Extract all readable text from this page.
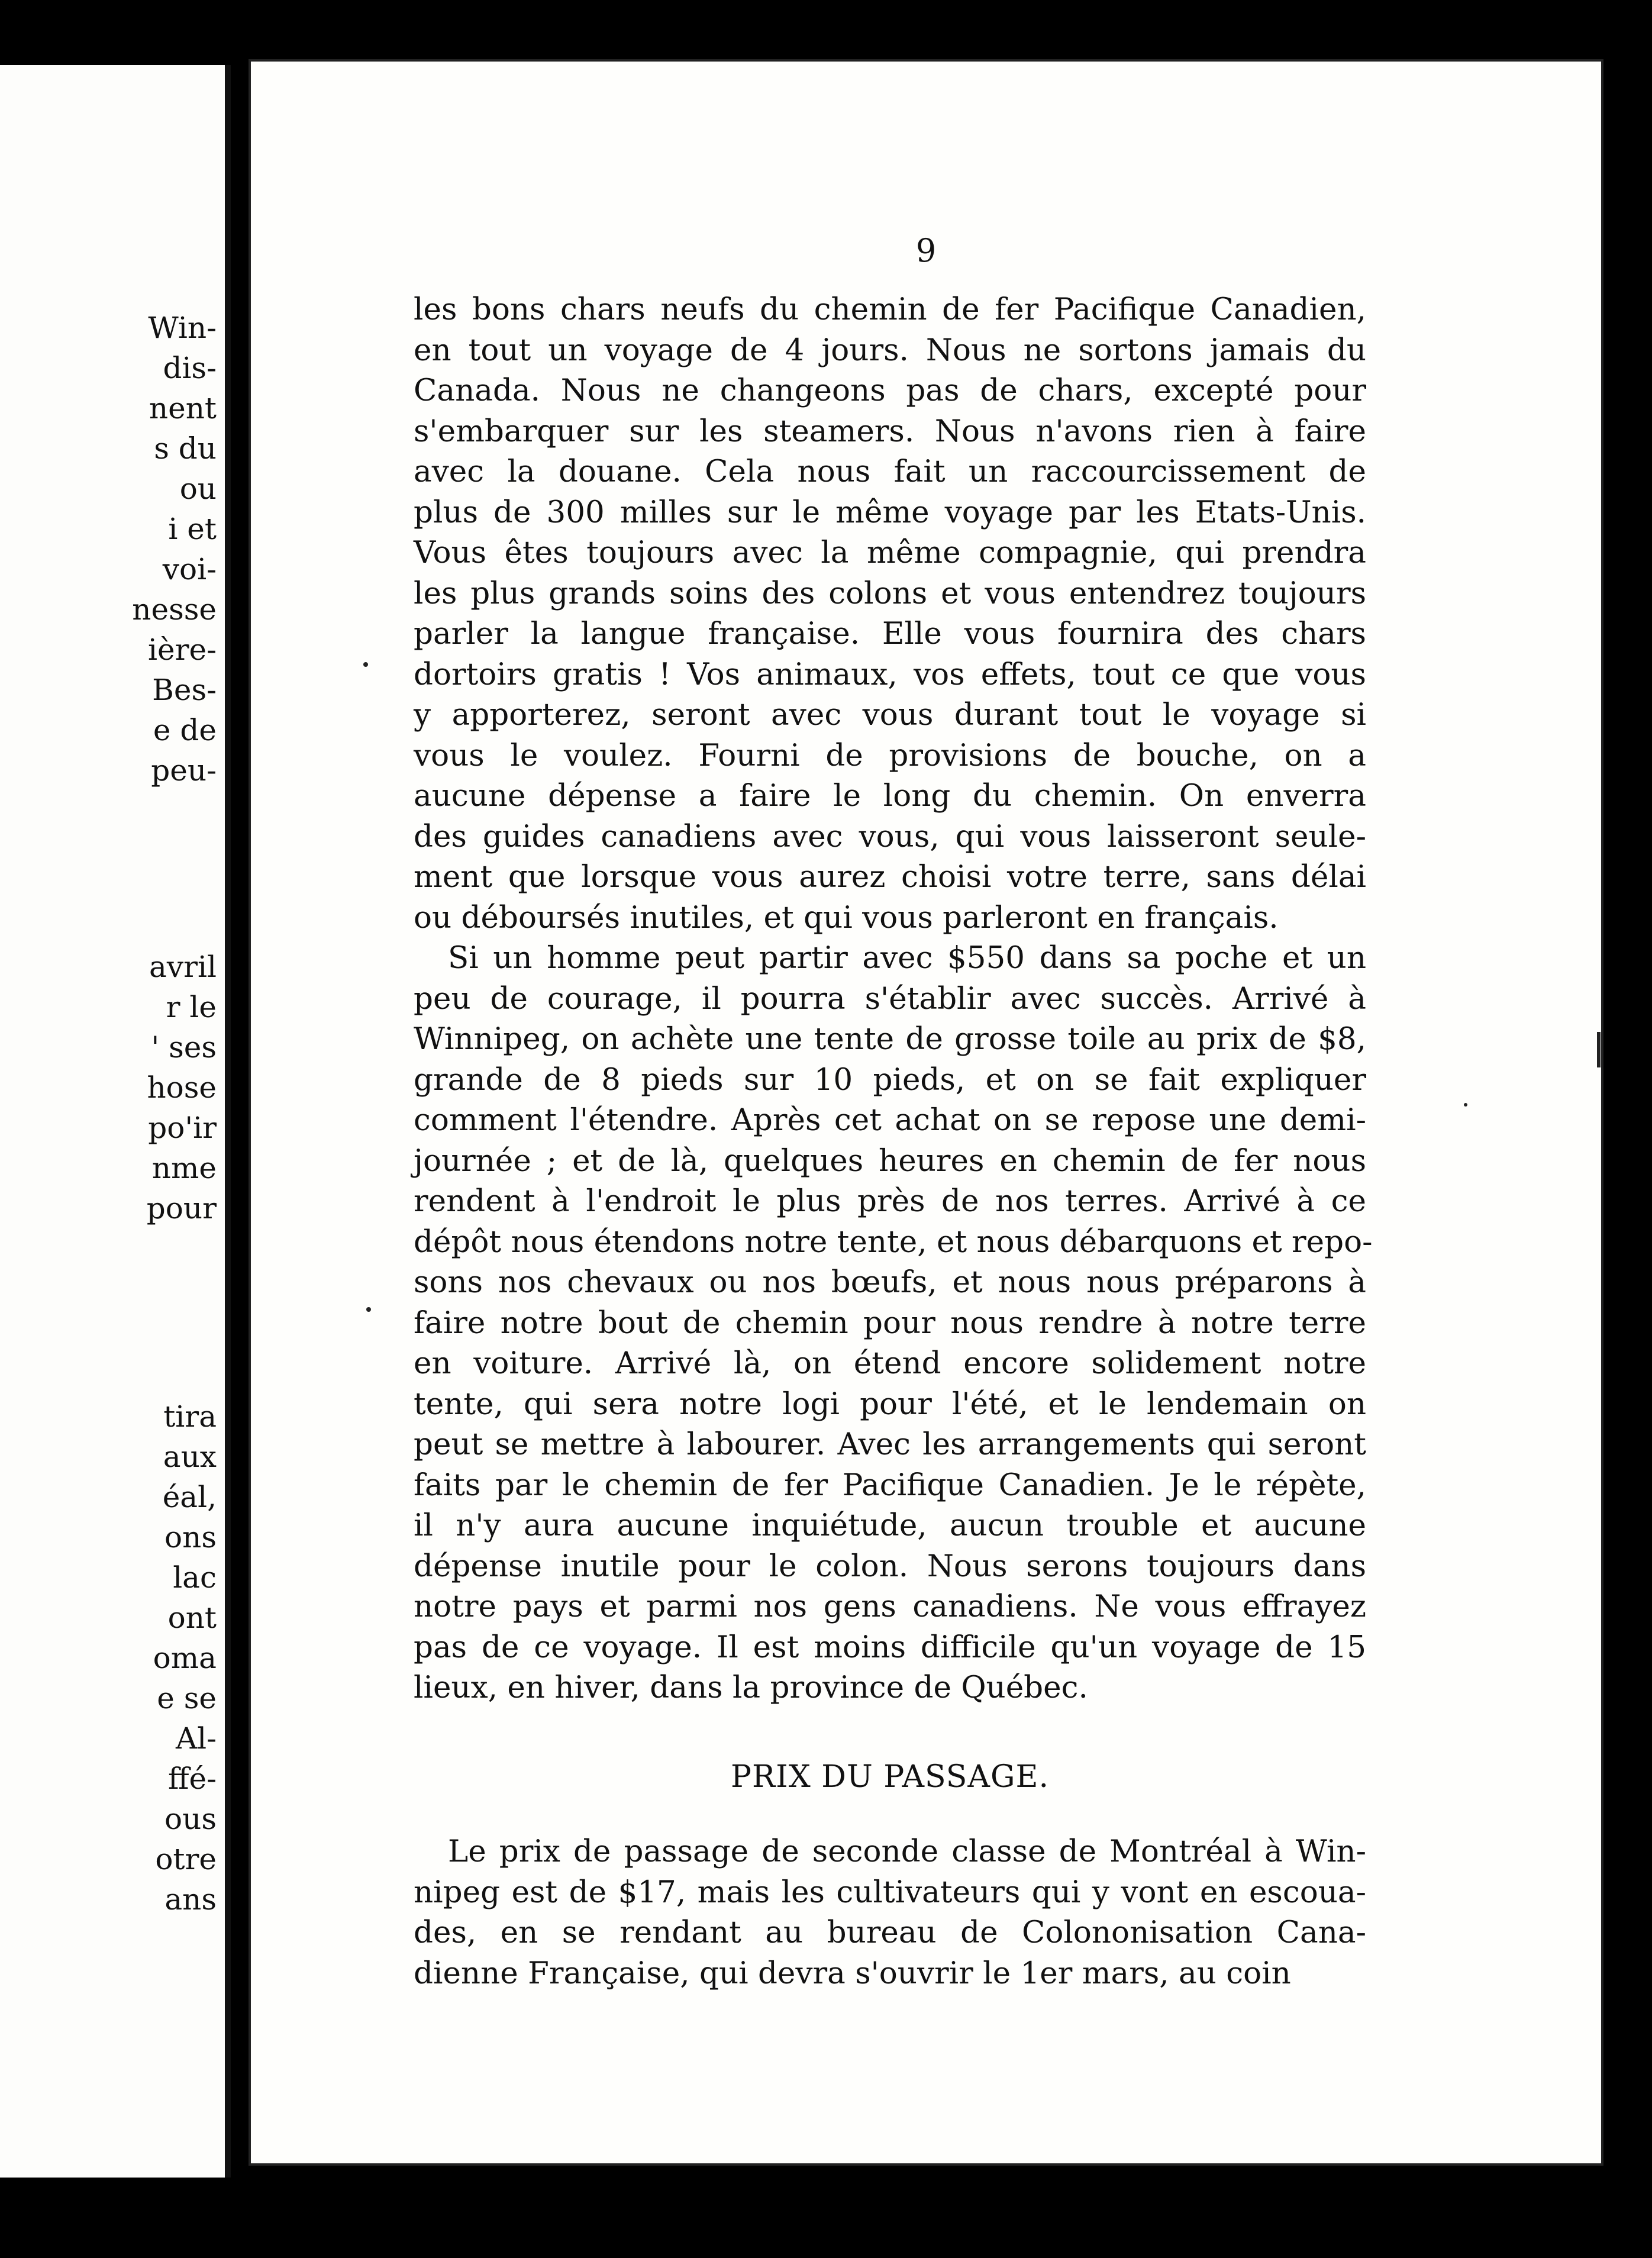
Win-
dis-
nent
s du
ou
i et
voi-
nesse
ière-
Bes-
e de
peu-
avril
r le
' ses
hose
po'ir
nme
pour
tira
aux
éal,
ons
lac
ont
oma
e se
Al-
ffé-
ous
otre
ans
9
les bons chars neufs du chemin de fer Pacifique Canadien,
en tout un voyage de 4 jours. Nous ne sortons jamais du
Canada. Nous ne changeons pas de chars, excepté pour
s'embarquer sur les steamers. Nous n'avons rien à faire
avec la douane. Cela nous fait un raccourcissement de
plus de 300 milles sur le même voyage par les Etats-Unis.
Vous êtes toujours avec la même compagnie, qui prendra
les plus grands soins des colons et vous entendrez toujours
parler la langue française. Elle vous fournira des chars
dortoirs gratis ! Vos animaux, vos effets, tout ce que vous
y apporterez, seront avec vous durant tout le voyage si
vous le voulez. Fourni de provisions de bouche, on a
aucune dépense a faire le long du chemin. On enverra
des guides canadiens avec vous, qui vous laisseront seule-
ment que lorsque vous aurez choisi votre terre, sans délai
ou déboursés inutiles, et qui vous parleront en français.
Si un homme peut partir avec $550 dans sa poche et un
peu de courage, il pourra s'établir avec succès. Arrivé à
Winnipeg, on achète une tente de grosse toile au prix de $8,
grande de 8 pieds sur 10 pieds, et on se fait expliquer
comment l'étendre. Après cet achat on se repose une demi-
journée ; et de là, quelques heures en chemin de fer nous
rendent à l'endroit le plus près de nos terres. Arrivé à ce
dépôt nous étendons notre tente, et nous débarquons et repo-
sons nos chevaux ou nos bœufs, et nous nous préparons à
faire notre bout de chemin pour nous rendre à notre terre
en voiture. Arrivé là, on étend encore solidement notre
tente, qui sera notre logi pour l'été, et le lendemain on
peut se mettre à labourer. Avec les arrangements qui seront
faits par le chemin de fer Pacifique Canadien. Je le répète,
il n'y aura aucune inquiétude, aucun trouble et aucune
dépense inutile pour le colon. Nous serons toujours dans
notre pays et parmi nos gens canadiens. Ne vous effrayez
pas de ce voyage. Il est moins difficile qu'un voyage de 15
lieux, en hiver, dans la province de Québec.
PRIX DU PASSAGE.
Le prix de passage de seconde classe de Montréal à Win-
nipeg est de $17, mais les cultivateurs qui y vont en escoua-
des, en se rendant au bureau de Colononisation Cana-
dienne Française, qui devra s'ouvrir le 1er mars, au coin
